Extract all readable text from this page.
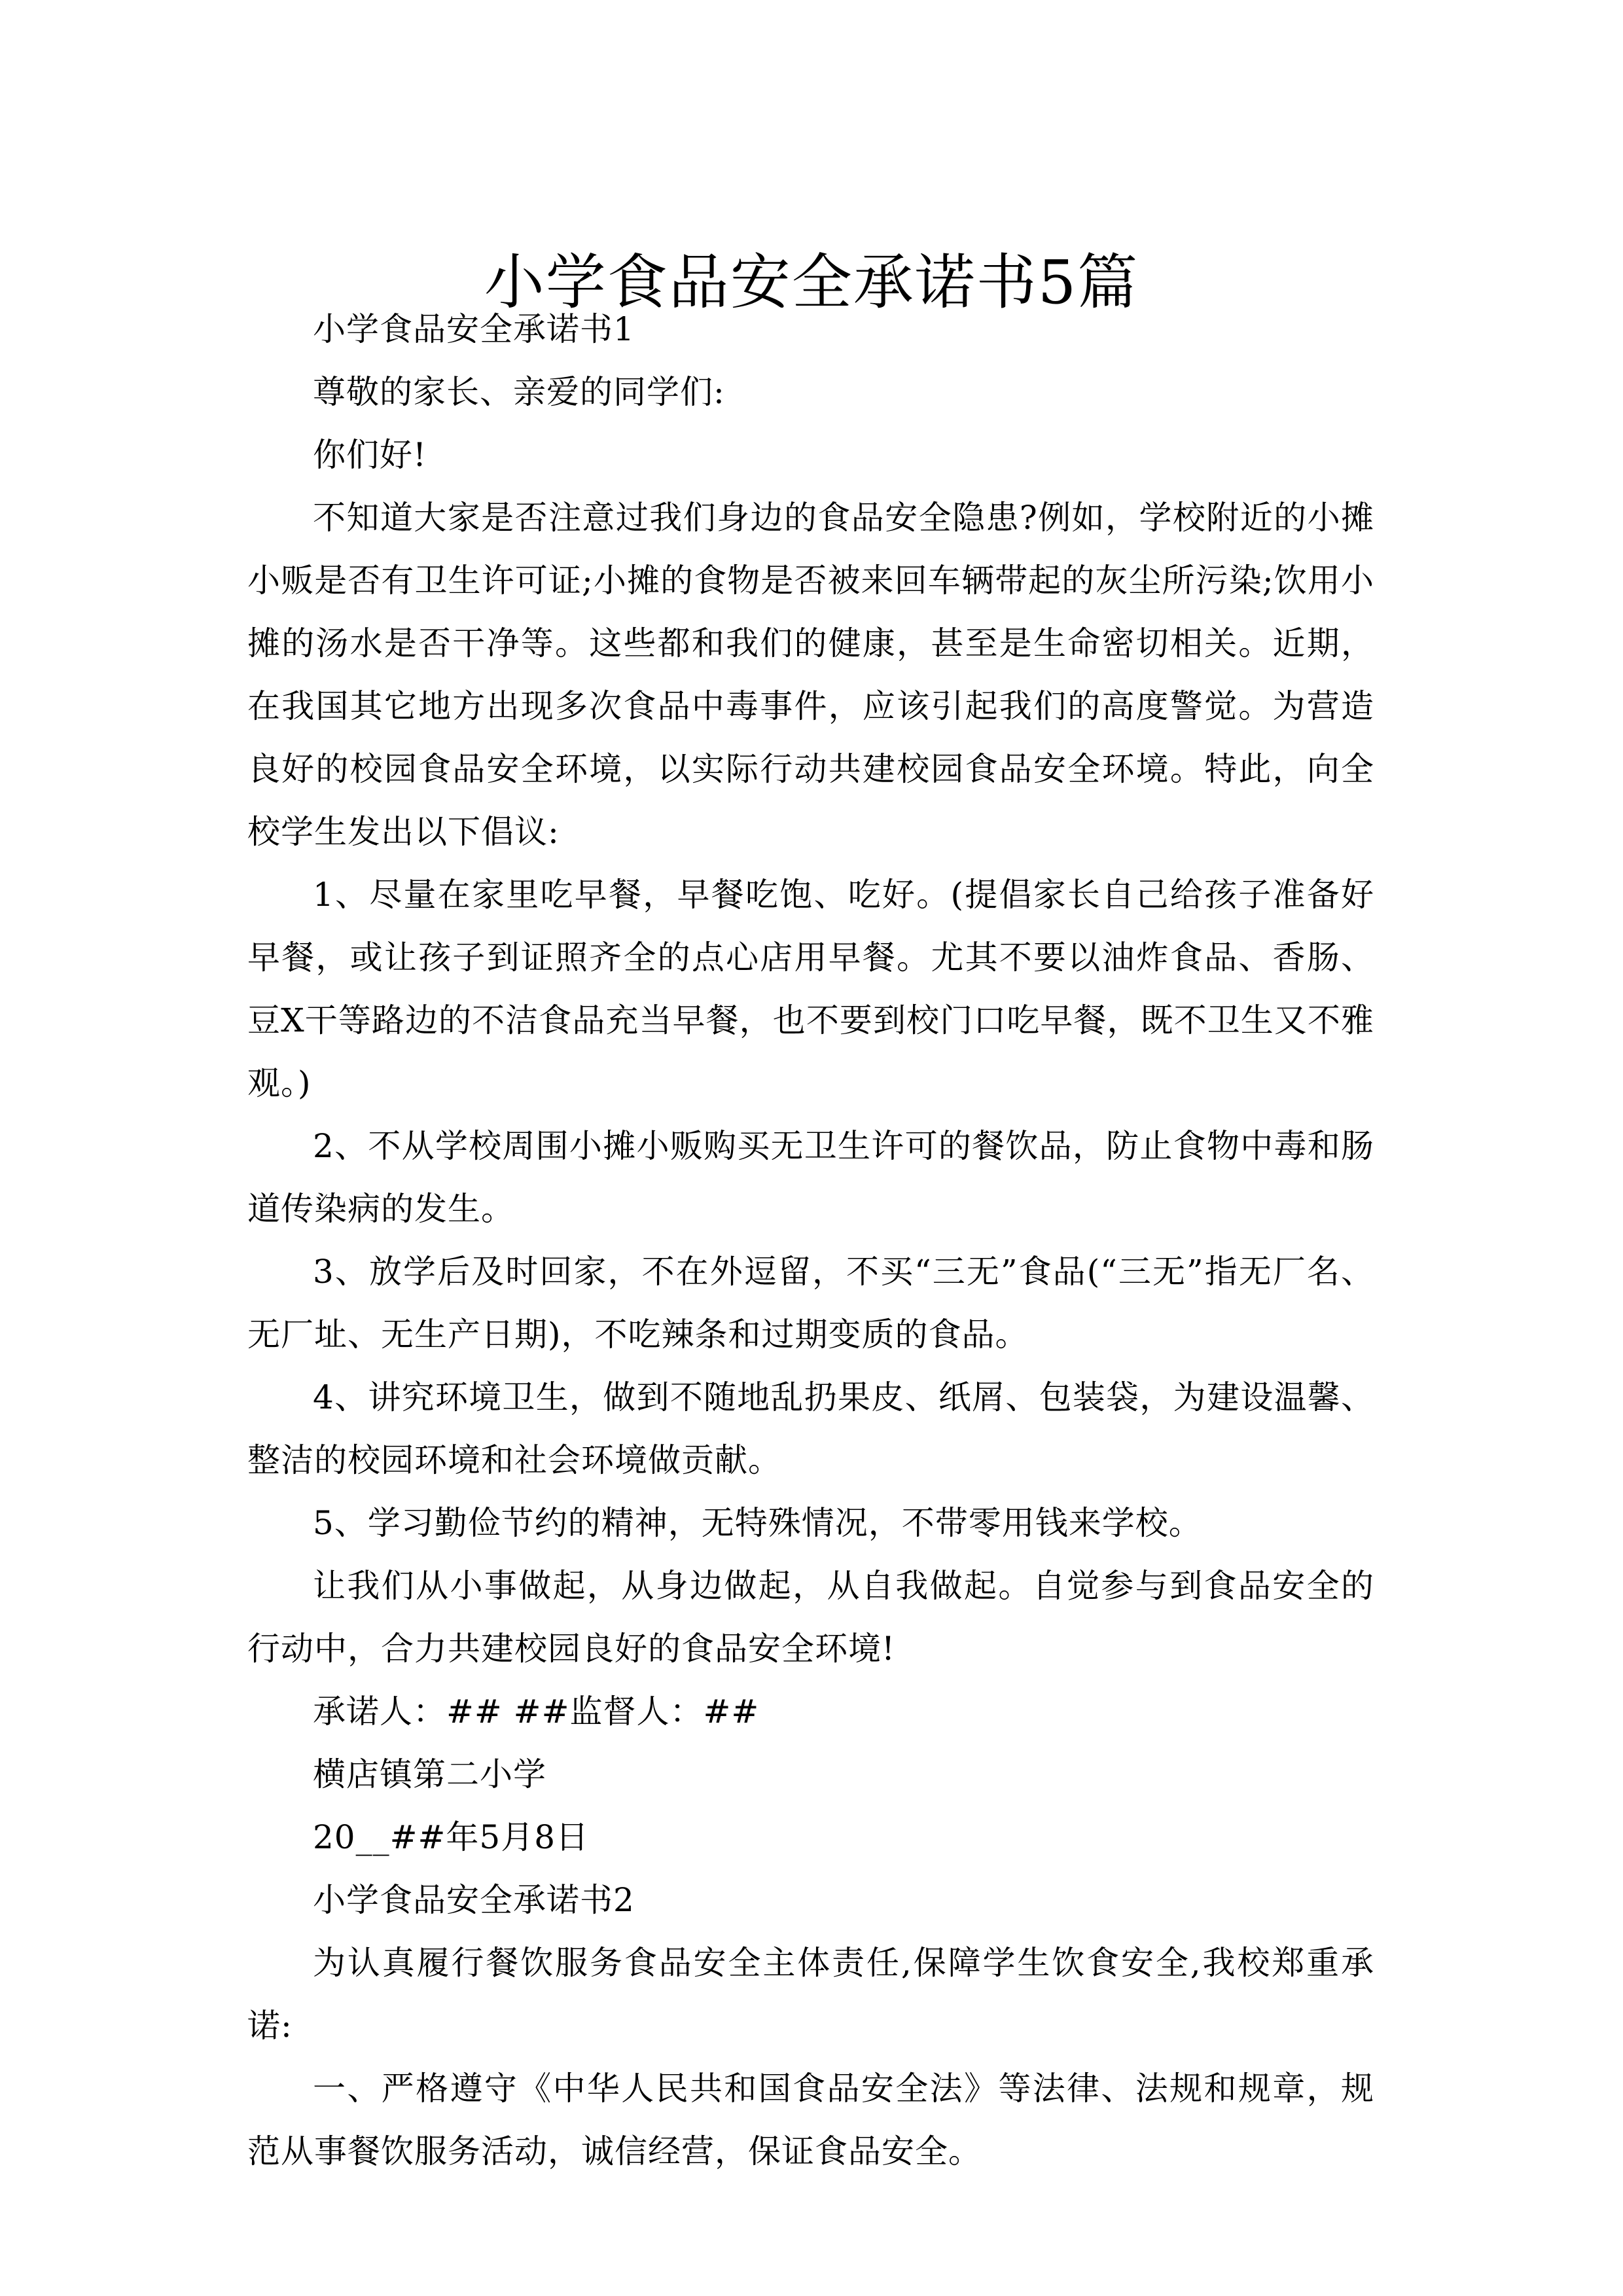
小学食品安全承诺书5篇

小学食品安全承诺书1

尊敬的家长、亲爱的同学们:

你们好!

不知道大家是否注意过我们身边的食品安全隐患?例如，学校附近的小摊小贩是否有卫生许可证;小摊的食物是否被来回车辆带起的灰尘所污染;饮用小摊的汤水是否干净等。这些都和我们的健康，甚至是生命密切相关。近期，在我国其它地方出现多次食品中毒事件，应该引起我们的高度警觉。为营造良好的校园食品安全环境，以实际行动共建校园食品安全环境。特此，向全校学生发出以下倡议:

1、尽量在家里吃早餐，早餐吃饱、吃好。(提倡家长自己给孩子准备好早餐，或让孩子到证照齐全的点心店用早餐。尤其不要以油炸食品、香肠、豆X干等路边的不洁食品充当早餐，也不要到校门口吃早餐，既不卫生又不雅观。)

2、不从学校周围小摊小贩购买无卫生许可的餐饮品，防止食物中毒和肠道传染病的发生。

3、放学后及时回家，不在外逗留，不买“三无”食品(“三无”指无厂名、无厂址、无生产日期)，不吃辣条和过期变质的食品。

4、讲究环境卫生，做到不随地乱扔果皮、纸屑、包装袋，为建设温馨、整洁的校园环境和社会环境做贡献。

5、学习勤俭节约的精神，无特殊情况，不带零用钱来学校。

让我们从小事做起，从身边做起，从自我做起。自觉参与到食品安全的行动中，合力共建校园良好的食品安全环境!

承诺人：## ##监督人：##

横店镇第二小学

20__##年5月8日

小学食品安全承诺书2

为认真履行餐饮服务食品安全主体责任,保障学生饮食安全,我校郑重承诺:

一、严格遵守《中华人民共和国食品安全法》等法律、法规和规章，规范从事餐饮服务活动，诚信经营，保证食品安全。
